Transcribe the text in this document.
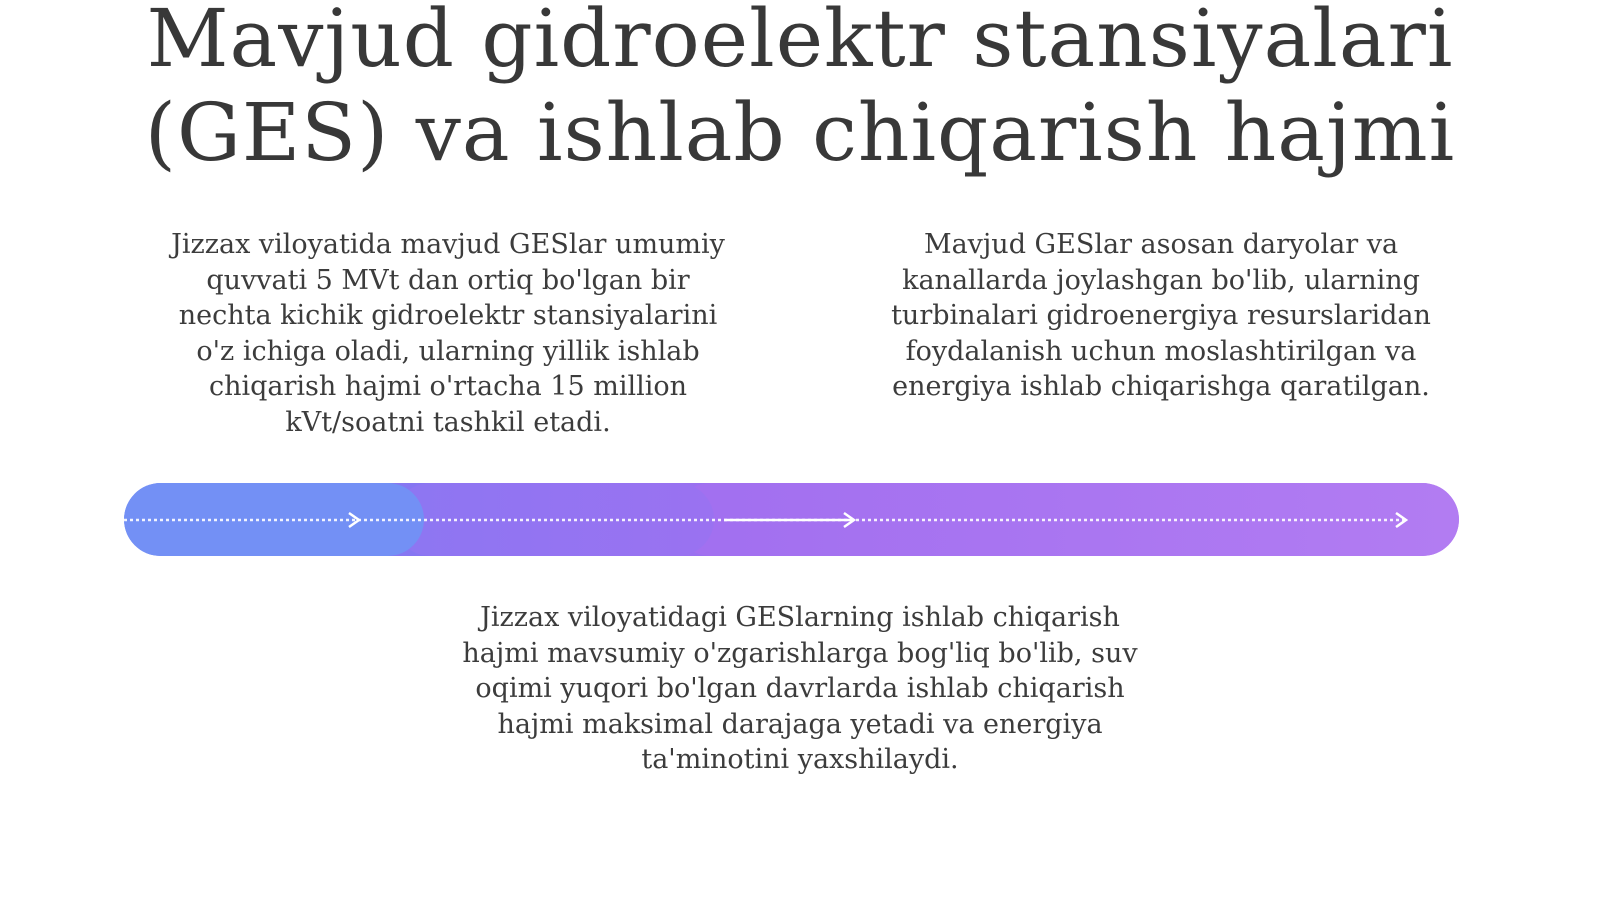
Mavjud gidroelektr stansiyalari
(GES) va ishlab chiqarish hajmi

Jizzax viloyatida mavjud GESlar umumiy quvvati 5 MVt dan ortiq bo'lgan bir nechta kichik gidroelektr stansiyalarini o'z ichiga oladi, ularning yillik ishlab chiqarish hajmi o'rtacha 15 million kVt/soatni tashkil etadi.

Mavjud GESlar asosan daryolar va kanallarda joylashgan bo'lib, ularning turbinalari gidroenergiya resurslaridan foydalanish uchun moslashtirilgan va energiya ishlab chiqarishga qaratilgan.

Jizzax viloyatidagi GESlarning ishlab chiqarish hajmi mavsumiy o'zgarishlarga bog'liq bo'lib, suv oqimi yuqori bo'lgan davrlarda ishlab chiqarish hajmi maksimal darajaga yetadi va energiya ta'minotini yaxshilaydi.
